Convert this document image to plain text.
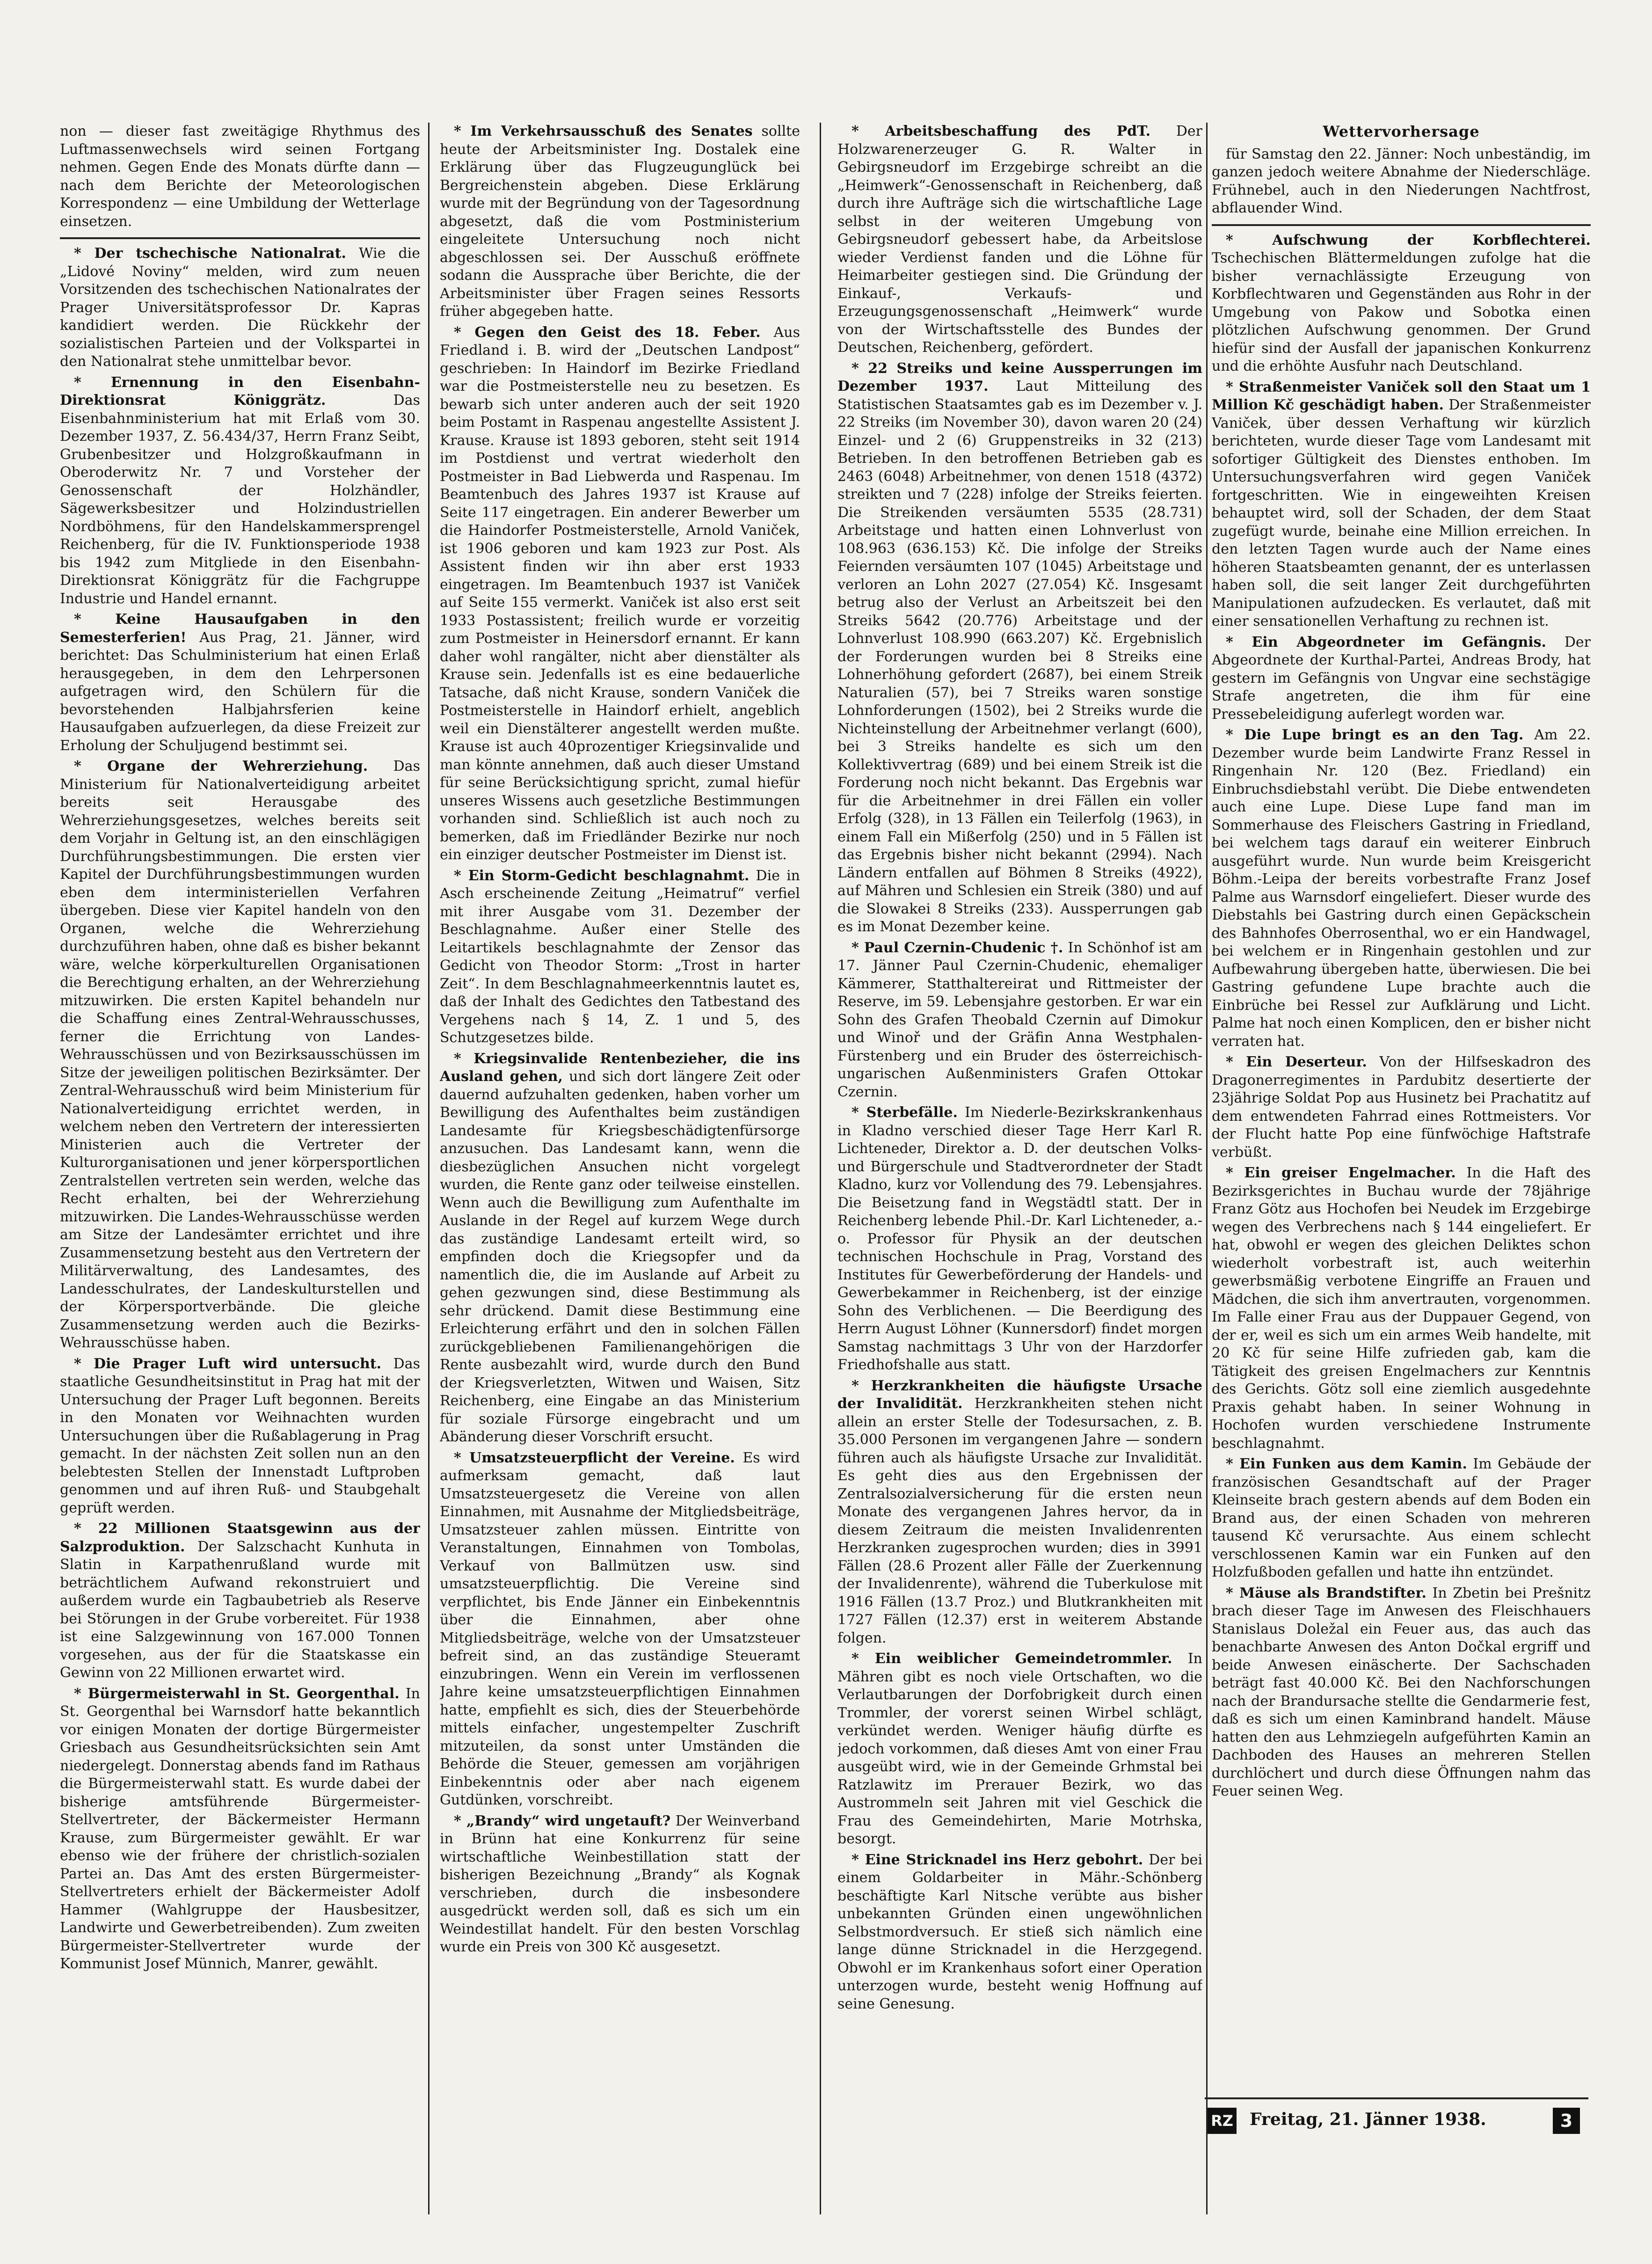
non — dieser fast zweitägige Rhythmus des Luftmassenwechsels wird seinen Fortgang nehmen. Gegen Ende des Monats dürfte dann — nach dem Berichte der Meteorologischen Korrespondenz — eine Umbildung der Wetterlage einsetzen.

* Der tschechische Nationalrat. Wie die „Lidové Noviny“ melden, wird zum neuen Vorsitzenden des tschechischen Nationalrates der Prager Universitätsprofessor Dr. Kapras kandidiert werden. Die Rückkehr der sozialistischen Parteien und der Volkspartei in den Nationalrat stehe unmittelbar bevor.

* Ernennung in den Eisenbahn-Direktionsrat Königgrätz.	Das Eisenbahnministerium hat mit Erlaß vom 30. Dezember 1937, Z. 56.434/37, Herrn Franz Seibt, Grubenbesitzer und Holzgroßkaufmann in Oberoderwitz Nr. 7 und Vorsteher der Genossenschaft der Holzhändler, Sägewerksbesitzer und Holzindustriellen Nordböhmens, für den Handelskammersprengel Reichenberg, für die IV. Funktionsperiode 1938 bis 1942 zum Mitgliede in den Eisenbahn-Direktionsrat Königgrätz für die Fachgruppe Industrie und Handel ernannt.

* Keine Hausaufgaben in den Semesterferien! Aus Prag, 21. Jänner, wird berichtet: Das Schulministerium hat einen Erlaß herausgegeben, in dem den Lehrpersonen aufgetragen wird, den Schülern für die bevorstehenden Halbjahrsferien keine Hausaufgaben aufzuerlegen, da diese Freizeit zur Erholung der Schuljugend bestimmt sei.

* Organe der Wehrerziehung. Das Ministerium für Nationalverteidigung arbeitet bereits seit Herausgabe des Wehrerziehungsgesetzes, welches bereits seit dem Vorjahr in Geltung ist, an den einschlägigen Durchführungsbestimmungen. Die ersten vier Kapitel der Durchführungsbestimmungen wurden eben dem interministeriellen Verfahren übergeben. Diese vier Kapitel handeln von den Organen, welche die Wehrerziehung durchzuführen haben, ohne daß es bisher bekannt wäre, welche körperkulturellen Organisationen die Berechtigung erhalten, an der Wehrerziehung mitzuwirken. Die ersten Kapitel behandeln nur die Schaffung eines Zentral-Wehrausschusses, ferner die Errichtung von Landes-Wehrausschüssen und von Bezirksausschüssen im Sitze der jeweiligen politischen Bezirksämter. Der Zentral-Wehrausschuß wird beim Ministerium für Nationalverteidigung errichtet werden, in welchem neben den Vertretern der interessierten Ministerien auch die Vertreter der Kulturorganisationen und jener körpersportlichen Zentralstellen vertreten sein werden, welche das Recht erhalten, bei der Wehrerziehung mitzuwirken. Die Landes-Wehrausschüsse werden am Sitze der Landesämter errichtet und ihre Zusammensetzung besteht aus den Vertretern der Militärverwaltung, des Landesamtes, des Landesschulrates, der Landeskulturstellen und der Körpersportverbände. Die gleiche Zusammensetzung werden auch die Bezirks-Wehrausschüsse haben.

* Die Prager Luft wird untersucht. Das staatliche Gesundheitsinstitut in Prag hat mit der Untersuchung der Prager Luft begonnen. Bereits in den Monaten vor Weihnachten wurden Untersuchungen über die Rußablagerung in Prag gemacht. In der nächsten Zeit sollen nun an den belebtesten Stellen der Innenstadt Luftproben genommen und auf ihren Ruß- und Staubgehalt geprüft werden.

* 22 Millionen Staatsgewinn aus der Salzproduktion. Der Salzschacht Kunhuta in Slatin in Karpathenrußland wurde mit beträchtlichem Aufwand rekonstruiert und außerdem wurde ein Tagbaubetrieb als Reserve bei Störungen in der Grube vorbereitet. Für 1938 ist eine Salzgewinnung von 167.000 Tonnen vorgesehen, aus der für die Staatskasse ein Gewinn von 22 Millionen erwartet wird.

* Bürgermeisterwahl in St. Georgenthal. In St. Georgenthal bei Warnsdorf hatte bekanntlich vor einigen Monaten der dortige Bürgermeister Griesbach aus Gesundheitsrücksichten sein Amt niedergelegt. Donnerstag abends fand im Rathaus die Bürgermeisterwahl statt. Es wurde dabei der bisherige amtsführende Bürgermeister-Stellvertreter, der Bäckermeister Hermann Krause, zum Bürgermeister gewählt. Er war ebenso wie der frühere der christlich-sozialen Partei an. Das Amt des ersten Bürgermeister-Stellvertreters erhielt der Bäckermeister Adolf Hammer (Wahlgruppe der Hausbesitzer, Landwirte und Gewerbetreibenden). Zum zweiten Bürgermeister-Stellvertreter wurde der Kommunist Josef Münnich, Manrer, gewählt.

* Im Verkehrsausschuß des Senates sollte heute der Arbeitsminister Ing. Dostalek eine Erklärung über das Flugzeugunglück bei Bergreichenstein abgeben. Diese Erklärung wurde mit der Begründung von der Tagesordnung abgesetzt, daß die vom Postministerium eingeleitete Untersuchung noch nicht abgeschlossen sei. Der Ausschuß eröffnete sodann die Aussprache über Berichte, die der Arbeitsminister über Fragen seines Ressorts früher abgegeben hatte.

* Gegen den Geist des 18. Feber. Aus Friedland i. B. wird der „Deutschen Landpost“ geschrieben: In Haindorf im Bezirke Friedland war die Postmeisterstelle neu zu besetzen. Es bewarb sich unter anderen auch der seit 1920 beim Postamt in Raspenau angestellte Assistent J. Krause. Krause ist 1893 geboren, steht seit 1914 im Postdienst und vertrat wiederholt den Postmeister in Bad Liebwerda und Raspenau. Im Beamtenbuch des Jahres 1937 ist Krause auf Seite 117 eingetragen. Ein anderer Bewerber um die Haindorfer Postmeisterstelle, Arnold Vaniček, ist 1906 geboren und kam 1923 zur Post. Als Assistent finden wir ihn aber erst 1933 eingetragen. Im Beamtenbuch 1937 ist Vaniček auf Seite 155 vermerkt. Vaniček ist also erst seit 1933 Postassistent; freilich wurde er vorzeitig zum Postmeister in Heinersdorf ernannt. Er kann daher wohl rangälter, nicht aber dienstälter als Krause sein. Jedenfalls ist es eine bedauerliche Tatsache, daß nicht Krause, sondern Vaniček die Postmeisterstelle in Haindorf erhielt, angeblich weil ein Dienstälterer angestellt werden mußte. Krause ist auch 40prozentiger Kriegsinvalide und man könnte annehmen, daß auch dieser Umstand für seine Berücksichtigung spricht, zumal hiefür unseres Wissens auch gesetzliche Bestimmungen vorhanden sind. Schließlich ist auch noch zu bemerken, daß im Friedländer Bezirke nur noch ein einziger deutscher Postmeister im Dienst ist.

* Ein Storm-Gedicht beschlagnahmt. Die in Asch erscheinende Zeitung „Heimatruf“ verfiel mit ihrer Ausgabe vom 31. Dezember der Beschlagnahme. Außer einer Stelle des Leitartikels beschlagnahmte der Zensor das Gedicht von Theodor Storm: „Trost in harter Zeit“. In dem Beschlagnahmeerkenntnis lautet es, daß der Inhalt des Gedichtes den Tatbestand des Vergehens nach § 14, Z. 1 und 5, des Schutzgesetzes bilde.

* Kriegsinvalide Rentenbezieher, die ins Ausland gehen, und sich dort längere Zeit oder dauernd aufzuhalten gedenken, haben vorher um Bewilligung des Aufenthaltes beim zuständigen Landesamte für Kriegsbeschädigtenfürsorge anzusuchen. Das Landesamt kann, wenn die diesbezüglichen Ansuchen nicht vorgelegt wurden, die Rente ganz oder teilweise einstellen. Wenn auch die Bewilligung zum Aufenthalte im Auslande in der Regel auf kurzem Wege durch das zuständige Landesamt erteilt wird, so empfinden doch die Kriegsopfer und da namentlich die, die im Auslande auf Arbeit zu gehen gezwungen sind, diese Bestimmung als sehr drückend. Damit diese Bestimmung eine Erleichterung erfährt und den in solchen Fällen zurückgebliebenen Familienangehörigen die Rente ausbezahlt wird, wurde durch den Bund der Kriegsverletzten, Witwen und Waisen, Sitz Reichenberg, eine Eingabe an das Ministerium für soziale Fürsorge eingebracht und um Abänderung dieser Vorschrift ersucht.

* Umsatzsteuerpflicht der Vereine. Es wird aufmerksam gemacht, daß laut Umsatzsteuergesetz die Vereine von allen Einnahmen, mit Ausnahme der Mitgliedsbeiträge, Umsatzsteuer zahlen müssen. Eintritte von Veranstaltungen, Einnahmen von Tombolas, Verkauf von Ballmützen usw. sind umsatzsteuerpflichtig. Die Vereine sind verpflichtet, bis Ende Jänner ein Einbekenntnis über die Einnahmen, aber ohne Mitgliedsbeiträge, welche von der Umsatzsteuer befreit sind, an das zuständige Steueramt einzubringen. Wenn ein Verein im verflossenen Jahre keine umsatzsteuerpflichtigen Einnahmen hatte, empfiehlt es sich, dies der Steuerbehörde mittels einfacher, ungestempelter Zuschrift mitzuteilen, da sonst unter Umständen die Behörde die Steuer, gemessen am vorjährigen Einbekenntnis oder aber nach eigenem Gutdünken, vorschreibt.

* „Brandy“ wird ungetauft? Der Weinverband in Brünn hat eine Konkurrenz für seine wirtschaftliche Weinbestillation statt der bisherigen Bezeichnung „Brandy“ als Kognak verschrieben, durch die insbesondere ausgedrückt werden soll, daß es sich um ein Weindestillat handelt. Für den besten Vorschlag wurde ein Preis von 300 Kč ausgesetzt.

* Arbeitsbeschaffung des PdT. Der Holzwarenerzeuger G. R. Walter in Gebirgsneudorf im Erzgebirge schreibt an die „Heimwerk“-Genossenschaft in Reichenberg, daß durch ihre Aufträge sich die wirtschaftliche Lage selbst in der weiteren Umgebung von Gebirgsneudorf gebessert habe, da Arbeitslose wieder Verdienst fanden und die Löhne für Heimarbeiter gestiegen sind. Die Gründung der Einkauf-, Verkaufs- und Erzeugungsgenossenschaft „Heimwerk“ wurde von der Wirtschaftsstelle des Bundes der Deutschen, Reichenberg, gefördert.

* 22 Streiks und keine Aussperrungen im Dezember 1937. Laut Mitteilung des Statistischen Staatsamtes gab es im Dezember v. J. 22 Streiks (im November 30), davon waren 20 (24) Einzel- und 2 (6) Gruppenstreiks in 32 (213) Betrieben. In den betroffenen Betrieben gab es 2463 (6048) Arbeitnehmer, von denen 1518 (4372) streikten und 7 (228) infolge der Streiks feierten. Die Streikenden versäumten 5535 (28.731) Arbeitstage und hatten einen Lohnverlust von 108.963 (636.153) Kč. Die infolge der Streiks Feiernden versäumten 107 (1045) Arbeitstage und verloren an Lohn 2027 (27.054) Kč. Insgesamt betrug also der Verlust an Arbeitszeit bei den Streiks 5642 (20.776) Arbeitstage und der Lohnverlust 108.990 (663.207) Kč. Ergebnislich der Forderungen wurden bei 8 Streiks eine Lohnerhöhung gefordert (2687), bei einem Streik Naturalien (57), bei 7 Streiks waren sonstige Lohnforderungen (1502), bei 2 Streiks wurde die Nichteinstellung der Arbeitnehmer verlangt (600), bei 3 Streiks handelte es sich um den Kollektivvertrag (689) und bei einem Streik ist die Forderung noch nicht bekannt. Das Ergebnis war für die Arbeitnehmer in drei Fällen ein voller Erfolg (328), in 13 Fällen ein Teilerfolg (1963), in einem Fall ein Mißerfolg (250) und in 5 Fällen ist das Ergebnis bisher nicht bekannt (2994). Nach Ländern entfallen auf Böhmen 8 Streiks (4922), auf Mähren und Schlesien ein Streik (380) und auf die Slowakei 8 Streiks (233). Aussperrungen gab es im Monat Dezember keine.

* Paul Czernin-Chudenic †. In Schönhof ist am 17. Jänner Paul Czernin-Chudenic, ehemaliger Kämmerer, Statthaltereirat und Rittmeister der Reserve, im 59. Lebensjahre gestorben. Er war ein Sohn des Grafen Theobald Czernin auf Dimokur und Winoř und der Gräfin Anna Westphalen-Fürstenberg und ein Bruder des österreichisch-ungarischen Außenministers Grafen Ottokar Czernin.

* Sterbefälle. Im Niederle-Bezirkskrankenhaus in Kladno verschied dieser Tage Herr Karl R. Lichteneder, Direktor a. D. der deutschen Volks- und Bürgerschule und Stadtverordneter der Stadt Kladno, kurz vor Vollendung des 79. Lebensjahres. Die Beisetzung fand in Wegstädtl statt. Der in Reichenberg lebende Phil.-Dr. Karl Lichteneder, a.-o. Professor für Physik an der deutschen technischen Hochschule in Prag, Vorstand des Institutes für Gewerbeförderung der Handels- und Gewerbekammer in Reichenberg, ist der einzige Sohn des Verblichenen. — Die Beerdigung des Herrn August Löhner (Kunnersdorf) findet morgen Samstag nachmittags 3 Uhr von der Harzdorfer Friedhofshalle aus statt.

* Herzkrankheiten die häufigste Ursache der Invalidität. Herzkrankheiten stehen nicht allein an erster Stelle der Todesursachen, z. B. 35.000 Personen im vergangenen Jahre — sondern führen auch als häufigste Ursache zur Invalidität. Es geht dies aus den Ergebnissen der Zentralsozialversicherung für die ersten neun Monate des vergangenen Jahres hervor, da in diesem Zeitraum die meisten Invalidenrenten Herzkranken zugesprochen wurden; dies in 3991 Fällen (28.6 Prozent aller Fälle der Zuerkennung der Invalidenrente), während die Tuberkulose mit 1916 Fällen (13.7 Proz.) und Blutkrankheiten mit 1727 Fällen (12.37) erst in weiterem Abstande folgen.

* Ein weiblicher Gemeindetrommler. In Mähren gibt es noch viele Ortschaften, wo die Verlautbarungen der Dorfobrigkeit durch einen Trommler, der vorerst seinen Wirbel schlägt, verkündet werden. Weniger häufig dürfte es jedoch vorkommen, daß dieses Amt von einer Frau ausgeübt wird, wie in der Gemeinde Grhmstal bei Ratzlawitz im Prerauer Bezirk, wo das Austrommeln seit Jahren mit viel Geschick die Frau des Gemeindehirten, Marie Motrhska, besorgt.

* Eine Stricknadel ins Herz gebohrt. Der bei einem Goldarbeiter in Mähr.-Schönberg beschäftigte Karl Nitsche verübte aus bisher unbekannten Gründen einen ungewöhnlichen Selbstmordversuch. Er stieß sich nämlich eine lange dünne Stricknadel in die Herzgegend. Obwohl er im Krankenhaus sofort einer Operation unterzogen wurde, besteht wenig Hoffnung auf seine Genesung.

Wettervorhersage

für Samstag den 22. Jänner: Noch unbeständig, im ganzen jedoch weitere Abnahme der Niederschläge. Frühnebel, auch in den Niederungen Nachtfrost, abflauender Wind.

* Aufschwung der Korbflechterei. Tschechischen Blättermeldungen zufolge hat die bisher vernachlässigte Erzeugung von Korbflechtwaren und Gegenständen aus Rohr in der Umgebung von Pakow und Sobotka einen plötzlichen Aufschwung genommen. Der Grund hiefür sind der Ausfall der japanischen Konkurrenz und die erhöhte Ausfuhr nach Deutschland.

* Straßenmeister Vaniček soll den Staat um 1 Million Kč geschädigt haben. Der Straßenmeister Vaniček, über dessen Verhaftung wir kürzlich berichteten, wurde dieser Tage vom Landesamt mit sofortiger Gültigkeit des Dienstes enthoben. Im Untersuchungsverfahren wird gegen Vaniček fortgeschritten. Wie in eingeweihten Kreisen behauptet wird, soll der Schaden, der dem Staat zugefügt wurde, beinahe eine Million erreichen. In den letzten Tagen wurde auch der Name eines höheren Staatsbeamten genannt, der es unterlassen haben soll, die seit langer Zeit durchgeführten Manipulationen aufzudecken. Es verlautet, daß mit einer sensationellen Verhaftung zu rechnen ist.

* Ein Abgeordneter im Gefängnis. Der Abgeordnete der Kurthal-Partei, Andreas Brody, hat gestern im Gefängnis von Ungvar eine sechstägige Strafe angetreten, die ihm für eine Pressebeleidigung auferlegt worden war.

* Die Lupe bringt es an den Tag. Am 22. Dezember wurde beim Landwirte Franz Ressel in Ringenhain Nr. 120 (Bez. Friedland) ein Einbruchsdiebstahl verübt. Die Diebe entwendeten auch eine Lupe. Diese Lupe fand man im Sommerhause des Fleischers Gastring in Friedland, bei welchem tags darauf ein weiterer Einbruch ausgeführt wurde. Nun wurde beim Kreisgericht Böhm.-Leipa der bereits vorbestrafte Franz Josef Palme aus Warnsdorf eingeliefert. Dieser wurde des Diebstahls bei Gastring durch einen Gepäckschein des Bahnhofes Oberrosenthal, wo er ein Handwagel, bei welchem er in Ringenhain gestohlen und zur Aufbewahrung übergeben hatte, überwiesen. Die bei Gastring gefundene Lupe brachte auch die Einbrüche bei Ressel zur Aufklärung und Licht. Palme hat noch einen Komplicen, den er bisher nicht verraten hat.

* Ein Deserteur. Von der Hilfseskadron des Dragonerregimentes in Pardubitz desertierte der 23jährige Soldat Pop aus Husinetz bei Prachatitz auf dem entwendeten Fahrrad eines Rottmeisters. Vor der Flucht hatte Pop eine fünfwöchige Haftstrafe verbüßt.

* Ein greiser Engelmacher. In die Haft des Bezirksgerichtes in Buchau wurde der 78jährige Franz Götz aus Hochofen bei Neudek im Erzgebirge wegen des Verbrechens nach § 144 eingeliefert. Er hat, obwohl er wegen des gleichen Deliktes schon wiederholt vorbestraft ist, auch weiterhin gewerbsmäßig verbotene Eingriffe an Frauen und Mädchen, die sich ihm anvertrauten, vorgenommen. Im Falle einer Frau aus der Duppauer Gegend, von der er, weil es sich um ein armes Weib handelte, mit 20 Kč für seine Hilfe zufrieden gab, kam die Tätigkeit des greisen Engelmachers zur Kenntnis des Gerichts. Götz soll eine ziemlich ausgedehnte Praxis gehabt haben. In seiner Wohnung in Hochofen wurden verschiedene Instrumente beschlagnahmt.

* Ein Funken aus dem Kamin. Im Gebäude der französischen Gesandtschaft auf der Prager Kleinseite brach gestern abends auf dem Boden ein Brand aus, der einen Schaden von mehreren tausend Kč verursachte. Aus einem schlecht verschlossenen Kamin war ein Funken auf den Holzfußboden gefallen und hatte ihn entzündet.

* Mäuse als Brandstifter. In Zbetin bei Prešnitz brach dieser Tage im Anwesen des Fleischhauers Stanislaus Doležal ein Feuer aus, das auch das benachbarte Anwesen des Anton Dočkal ergriff und beide Anwesen einäscherte. Der Sachschaden beträgt fast 40.000 Kč. Bei den Nachforschungen nach der Brandursache stellte die Gendarmerie fest, daß es sich um einen Kaminbrand handelt. Mäuse hatten den aus Lehmziegeln aufgeführten Kamin an Dachboden des Hauses an mehreren Stellen durchlöchert und durch diese Öffnungen nahm das Feuer seinen Weg.

RZ Freitag, 21. Jänner 1938.	3
